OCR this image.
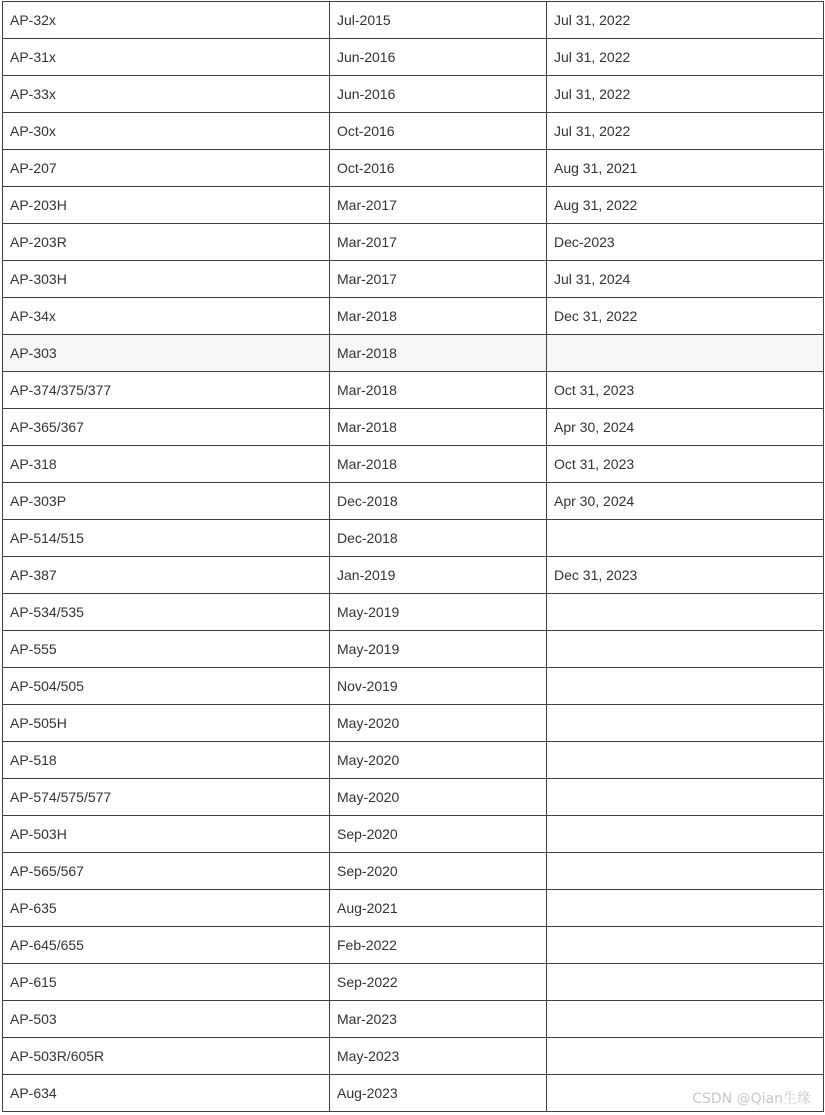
AP-32x	Jul-2015	Jul 31, 2022
AP-31x	Jun-2016	Jul 31, 2022
AP-33x	Jun-2016	Jul 31, 2022
AP-30x	Oct-2016	Jul 31, 2022
AP-207	Oct-2016	Aug 31, 2021
AP-203H	Mar-2017	Aug 31, 2022
AP-203R	Mar-2017	Dec-2023
AP-303H	Mar-2017	Jul 31, 2024
AP-34x	Mar-2018	Dec 31, 2022
AP-303	Mar-2018	
AP-374/375/377	Mar-2018	Oct 31, 2023
AP-365/367	Mar-2018	Apr 30, 2024
AP-318	Mar-2018	Oct 31, 2023
AP-303P	Dec-2018	Apr 30, 2024
AP-514/515	Dec-2018	
AP-387	Jan-2019	Dec 31, 2023
AP-534/535	May-2019	
AP-555	May-2019	
AP-504/505	Nov-2019	
AP-505H	May-2020	
AP-518	May-2020	
AP-574/575/577	May-2020	
AP-503H	Sep-2020	
AP-565/567	Sep-2020	
AP-635	Aug-2021	
AP-645/655	Feb-2022	
AP-615	Sep-2022	
AP-503	Mar-2023	
AP-503R/605R	May-2023	
AP-634	Aug-2023		CSDN @Qian生缘
